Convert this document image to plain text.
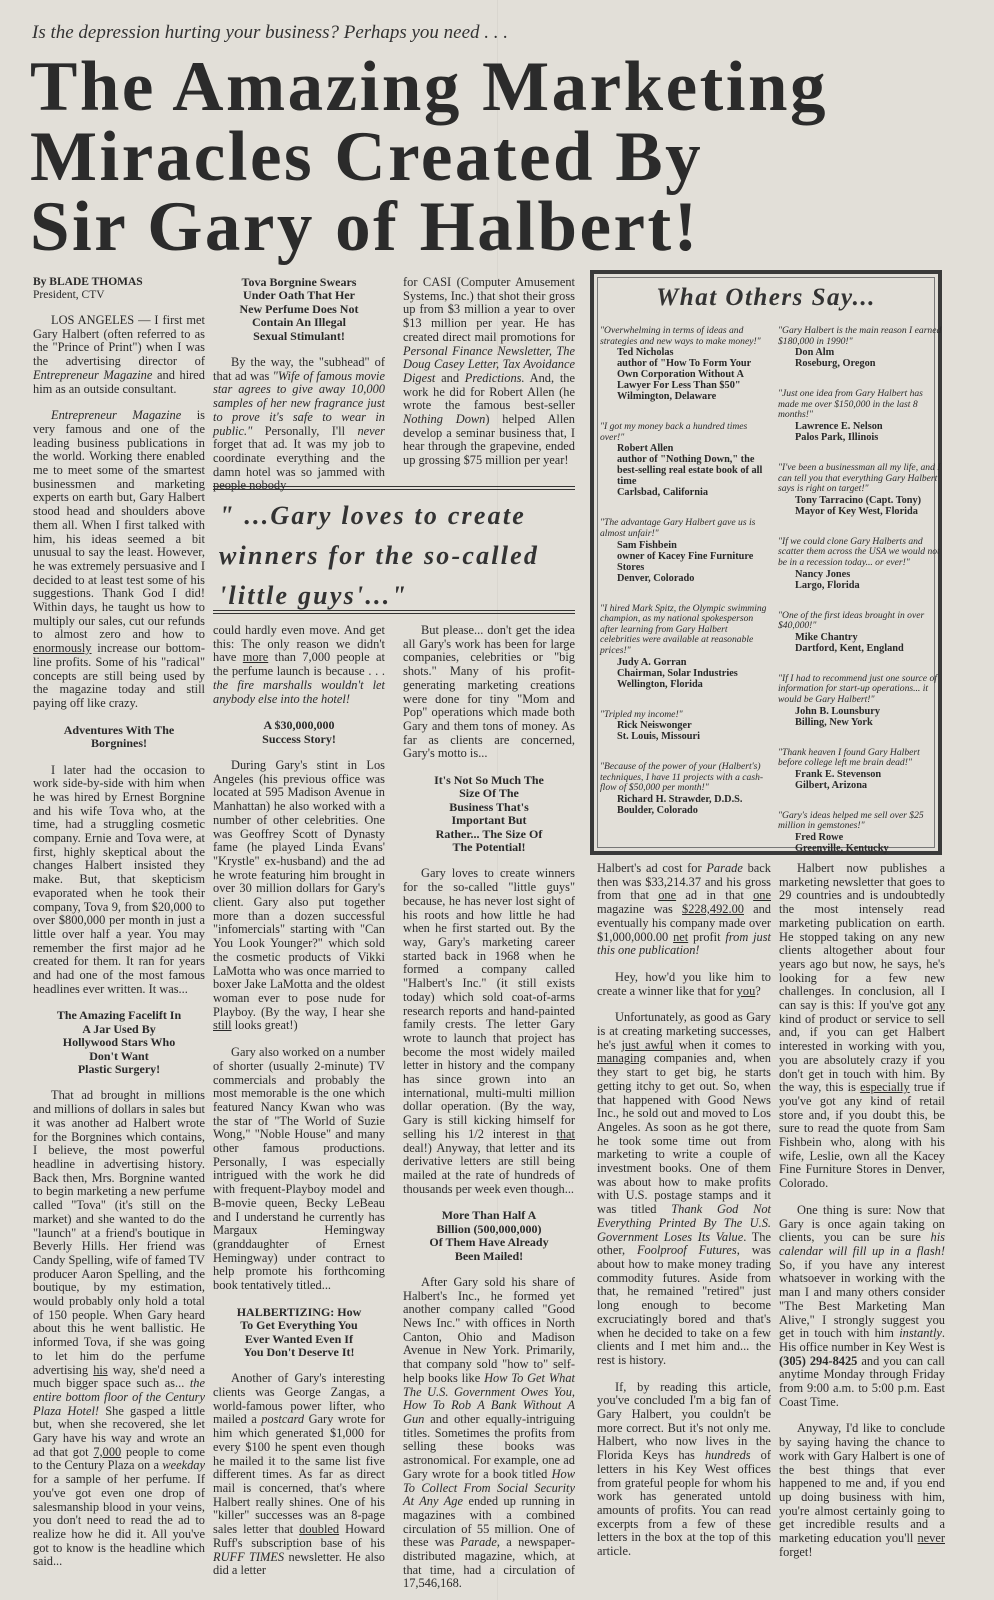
Is the depression hurting your business? Perhaps you need . . .
The Amazing Marketing
Miracles Created By
Sir Gary of Halbert!

By BLADE THOMAS
President, CTV

LOS ANGELES — I first met Gary Halbert (often referred to as the "Prince of Print") when I was the advertising director of Entrepreneur Magazine and hired him as an outside consultant.

Entrepreneur Magazine is very famous and one of the leading business publications in the world. Working there enabled me to meet some of the smartest businessmen and marketing experts on earth but, Gary Halbert stood head and shoulders above them all. When I first talked with him, his ideas seemed a bit unusual to say the least. However, he was extremely persuasive and I decided to at least test some of his suggestions. Thank God I did! Within days, he taught us how to multiply our sales, cut our refunds to almost zero and how to enormously increase our bottom-line profits. Some of his "radical" concepts are still being used by the magazine today and still paying off like crazy.

Adventures With The
Borgnines!

I later had the occasion to work side-by-side with him when he was hired by Ernest Borgnine and his wife Tova who, at the time, had a struggling cosmetic company. Ernie and Tova were, at first, highly skeptical about the changes Halbert insisted they make. But, that skepticism evaporated when he took their company, Tova 9, from $20,000 to over $800,000 per month in just a little over half a year. You may remember the first major ad he created for them. It ran for years and had one of the most famous headlines ever written. It was...

The Amazing Facelift In
A Jar Used By
Hollywood Stars Who
Don't Want
Plastic Surgery!

That ad brought in millions and millions of dollars in sales but it was another ad Halbert wrote for the Borgnines which contains, I believe, the most powerful headline in advertising history. Back then, Mrs. Borgnine wanted to begin marketing a new perfume called "Tova" (it's still on the market) and she wanted to do the "launch" at a friend's boutique in Beverly Hills. Her friend was Candy Spelling, wife of famed TV producer Aaron Spelling, and the boutique, by my estimation, would probably only hold a total of 150 people. When Gary heard about this he went ballistic. He informed Tova, if she was going to let him do the perfume advertising his way, she'd need a much bigger space such as... the entire bottom floor of the Century Plaza Hotel! She gasped a little but, when she recovered, she let Gary have his way and wrote an ad that got 7,000 people to come to the Century Plaza on a weekday for a sample of her perfume. If you've got even one drop of salesmanship blood in your veins, you don't need to read the ad to realize how he did it. All you've got to know is the headline which said...

Tova Borgnine Swears
Under Oath That Her
New Perfume Does Not
Contain An Illegal
Sexual Stimulant!

By the way, the "subhead" of that ad was "Wife of famous movie star agrees to give away 10,000 samples of her new fragrance just to prove it's safe to wear in public." Personally, I'll never forget that ad. It was my job to coordinate everything and the damn hotel was so jammed with people nobody

for CASI (Computer Amusement Systems, Inc.) that shot their gross up from $3 million a year to over $13 million per year. He has created direct mail promotions for Personal Finance Newsletter, The Doug Casey Letter, Tax Avoidance Digest and Predictions. And, the work he did for Robert Allen (he wrote the famous best-seller Nothing Down) helped Allen develop a seminar business that, I hear through the grapevine, ended up grossing $75 million per year!

" ...Gary loves to create
winners for the so-called
'little guys'..."

could hardly even move. And get this: The only reason we didn't have more than 7,000 people at the perfume launch is because . . . the fire marshalls wouldn't let anybody else into the hotel!

A $30,000,000
Success Story!

During Gary's stint in Los Angeles (his previous office was located at 595 Madison Avenue in Manhattan) he also worked with a number of other celebrities. One was Geoffrey Scott of Dynasty fame (he played Linda Evans' "Krystle" ex-husband) and the ad he wrote featuring him brought in over 30 million dollars for Gary's client. Gary also put together more than a dozen successful "infomercials" starting with "Can You Look Younger?" which sold the cosmetic products of Vikki LaMotta who was once married to boxer Jake LaMotta and the oldest woman ever to pose nude for Playboy. (By the way, I hear she still looks great!)

Gary also worked on a number of shorter (usually 2-minute) TV commercials and probably the most memorable is the one which featured Nancy Kwan who was the star of "The World of Suzie Wong," "Noble House" and many other famous productions. Personally, I was especially intrigued with the work he did with frequent-Playboy model and B-movie queen, Becky LeBeau and I understand he currently has Margaux Hemingway (granddaughter of Ernest Hemingway) under contract to help promote his forthcoming book tentatively titled...

HALBERTIZING: How
To Get Everything You
Ever Wanted Even If
You Don't Deserve It!

Another of Gary's interesting clients was George Zangas, a world-famous power lifter, who mailed a postcard Gary wrote for him which generated $1,000 for every $100 he spent even though he mailed it to the same list five different times. As far as direct mail is concerned, that's where Halbert really shines. One of his "killer" successes was an 8-page sales letter that doubled Howard Ruff's subscription base of his RUFF TIMES newsletter. He also did a letter

But please... don't get the idea all Gary's work has been for large companies, celebrities or "big shots." Many of his profit-generating marketing creations were done for tiny "Mom and Pop" operations which made both Gary and them tons of money. As far as clients are concerned, Gary's motto is...

It's Not So Much The
Size Of The
Business That's
Important But
Rather... The Size Of
The Potential!

Gary loves to create winners for the so-called "little guys" because, he has never lost sight of his roots and how little he had when he first started out. By the way, Gary's marketing career started back in 1968 when he formed a company called "Halbert's Inc." (it still exists today) which sold coat-of-arms research reports and hand-painted family crests. The letter Gary wrote to launch that project has become the most widely mailed letter in history and the company has since grown into an international, multi-multi million dollar operation. (By the way, Gary is still kicking himself for selling his 1/2 interest in that deal!) Anyway, that letter and its derivative letters are still being mailed at the rate of hundreds of thousands per week even though...

More Than Half A
Billion (500,000,000)
Of Them Have Already
Been Mailed!

After Gary sold his share of Halbert's Inc., he formed yet another company called "Good News Inc." with offices in North Canton, Ohio and Madison Avenue in New York. Primarily, that company sold "how to" self-help books like How To Get What The U.S. Government Owes You, How To Rob A Bank Without A Gun and other equally-intriguing titles. Sometimes the profits from selling these books was astronomical. For example, one ad Gary wrote for a book titled How To Collect From Social Security At Any Age ended up running in magazines with a combined circulation of 55 million. One of these was Parade, a newspaper-distributed magazine, which, at that time, had a circulation of 17,546,168.

What Others Say...
"Overwhelming in terms of ideas and strategies and new ways to make money!"
Ted Nicholas
author of "How To Form Your Own Corporation Without A Lawyer For Less Than $50"
Wilmington, Delaware
"I got my money back a hundred times over!"
Robert Allen
author of "Nothing Down," the best-selling real estate book of all time
Carlsbad, California
"The advantage Gary Halbert gave us is almost unfair!"
Sam Fishbein
owner of Kacey Fine Furniture Stores
Denver, Colorado
"I hired Mark Spitz, the Olympic swimming champion, as my national spokesperson after learning from Gary Halbert celebrities were available at reasonable prices!"
Judy A. Gorran
Chairman, Solar Industries
Wellington, Florida
"Tripled my income!"
Rick Neiswonger
St. Louis, Missouri
"Because of the power of your (Halbert's) techniques, I have 11 projects with a cash-flow of $50,000 per month!"
Richard H. Strawder, D.D.S.
Boulder, Colorado
"Gary Halbert is the main reason I earned $180,000 in 1990!"
Don Alm
Roseburg, Oregon
"Just one idea from Gary Halbert has made me over $150,000 in the last 8 months!"
Lawrence E. Nelson
Palos Park, Illinois
"I've been a businessman all my life, and I can tell you that everything Gary Halbert says is right on target!"
Tony Tarracino (Capt. Tony)
Mayor of Key West, Florida
"If we could clone Gary Halberts and scatter them across the USA we would not be in a recession today... or ever!"
Nancy Jones
Largo, Florida
"One of the first ideas brought in over $40,000!"
Mike Chantry
Dartford, Kent, England
"If I had to recommend just one source of information for start-up operations... it would be Gary Halbert!"
John B. Lounsbury
Billing, New York
"Thank heaven I found Gary Halbert before college left me brain dead!"
Frank E. Stevenson
Gilbert, Arizona
"Gary's ideas helped me sell over $25 million in gemstones!"
Fred Rowe
Greenville, Kentucky

Halbert's ad cost for Parade back then was $33,214.37 and his gross from that one ad in that one magazine was $228,492.00 and eventually his company made over $1,000,000.00 net profit from just this one publication!

Hey, how'd you like him to create a winner like that for you?

Unfortunately, as good as Gary is at creating marketing successes, he's just awful when it comes to managing companies and, when they start to get big, he starts getting itchy to get out. So, when that happened with Good News Inc., he sold out and moved to Los Angeles. As soon as he got there, he took some time out from marketing to write a couple of investment books. One of them was about how to make profits with U.S. postage stamps and it was titled Thank God Not Everything Printed By The U.S. Government Loses Its Value. The other, Foolproof Futures, was about how to make money trading commodity futures. Aside from that, he remained "retired" just long enough to become excruciatingly bored and that's when he decided to take on a few clients and I met him and... the rest is history.

If, by reading this article, you've concluded I'm a big fan of Gary Halbert, you couldn't be more correct. But it's not only me. Halbert, who now lives in the Florida Keys has hundreds of letters in his Key West offices from grateful people for whom his work has generated untold amounts of profits. You can read excerpts from a few of these letters in the box at the top of this article.

Halbert now publishes a marketing newsletter that goes to 29 countries and is undoubtedly the most intensely read marketing publication on earth. He stopped taking on any new clients altogether about four years ago but now, he says, he's looking for a few new challenges. In conclusion, all I can say is this: If you've got any kind of product or service to sell and, if you can get Halbert interested in working with you, you are absolutely crazy if you don't get in touch with him. By the way, this is especially true if you've got any kind of retail store and, if you doubt this, be sure to read the quote from Sam Fishbein who, along with his wife, Leslie, own all the Kacey Fine Furniture Stores in Denver, Colorado.

One thing is sure: Now that Gary is once again taking on clients, you can be sure his calendar will fill up in a flash! So, if you have any interest whatsoever in working with the man I and many others consider "The Best Marketing Man Alive," I strongly suggest you get in touch with him instantly. His office number in Key West is (305) 294-8425 and you can call anytime Monday through Friday from 9:00 a.m. to 5:00 p.m. East Coast Time.

Anyway, I'd like to conclude by saying having the chance to work with Gary Halbert is one of the best things that ever happened to me and, if you end up doing business with him, you're almost certainly going to get incredible results and a marketing education you'll never forget!
